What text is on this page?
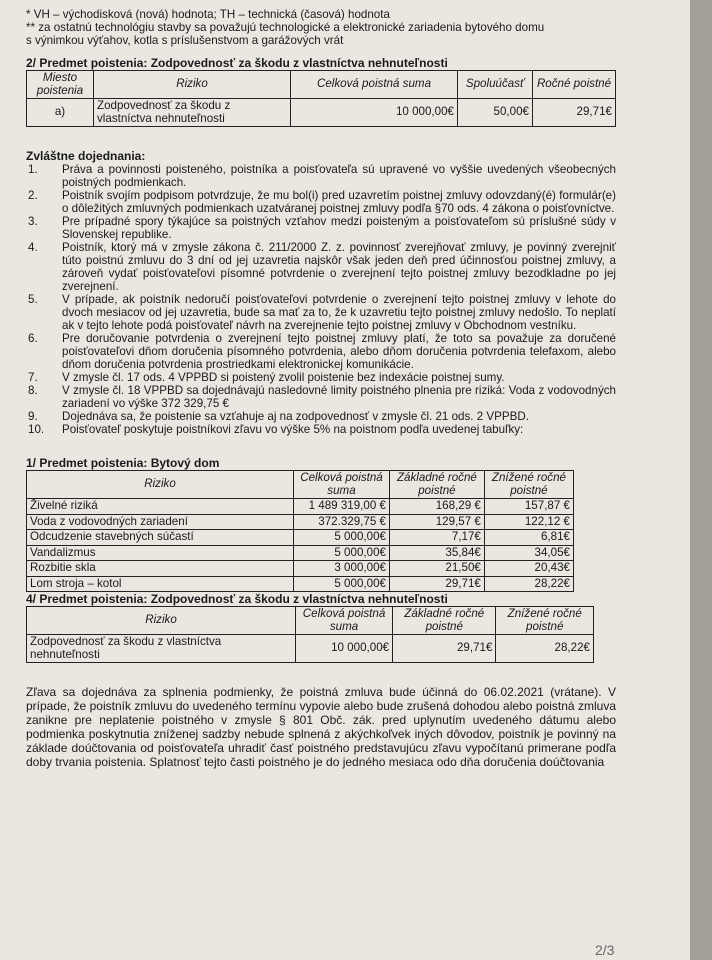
* VH – východisková (nová) hodnota; TH – technická (časová) hodnota

** za ostatnú technológiu stavby sa považujú technologické a elektronické zariadenia bytového domu

s výnimkou výťahov, kotla s príslušenstvom a garážových vrát

2/ Predmet poistenia: Zodpovednosť za škodu z vlastníctva nehnuteľnosti
Miesto poistenia	Riziko	Celková poistná suma	Spoluúčasť	Ročné poistné
a)	Zodpovednosť za škodu z vlastníctva nehnuteľnosti	10 000,00€	50,00€	29,71€
Zvláštne dojednania:
1.	Práva a povinnosti poisteného, poistníka a poisťovateľa sú upravené vo vyššie uvedených všeobecných poistných podmienkach.
2.	Poistník svojím podpisom potvrdzuje, že mu bol(i) pred uzavretím poistnej zmluvy odovzdaný(é) formulár(e) o dôležitých zmluvných podmienkach uzatváranej poistnej zmluvy podľa §70 ods. 4 zákona o poisťovníctve.
3.	Pre prípadné spory týkajúce sa poistných vzťahov medzi poisteným a poisťovateľom sú príslušné súdy v Slovenskej republike.
4.	Poistník, ktorý má v zmysle zákona č. 211/2000 Z. z. povinnosť zverejňovať zmluvy, je povinný zverejniť túto poistnú zmluvu do 3 dní od jej uzavretia najskôr však jeden deň pred účinnosťou poistnej zmluvy, a zároveň vydať poisťovateľovi písomné potvrdenie o zverejnení tejto poistnej zmluvy bezodkladne po jej zverejnení.
5.	V prípade, ak poistník nedoručí poisťovateľovi potvrdenie o zverejnení tejto poistnej zmluvy v lehote do dvoch mesiacov od jej uzavretia, bude sa mať za to, že k uzavretiu tejto poistnej zmluvy nedošlo. To neplatí ak v tejto lehote podá poisťovateľ návrh na zverejnenie tejto poistnej zmluvy v Obchodnom vestníku.
6.	Pre doručovanie potvrdenia o zverejnení tejto poistnej zmluvy platí, že toto sa považuje za doručené poisťovateľovi dňom doručenia písomného potvrdenia, alebo dňom doručenia potvrdenia telefaxom, alebo dňom doručenia potvrdenia prostriedkami elektronickej komunikácie.
7.	V zmysle čl. 17 ods. 4 VPPBD si poistený zvolil poistenie bez indexácie poistnej sumy.
8.	V zmysle čl. 18 VPPBD sa dojednávajú nasledovné limity poistného plnenia pre riziká: Voda z vodovodných zariadení vo výške 372 329,75 €
9.	Dojednáva sa, že poistenie sa vzťahuje aj na zodpovednosť v zmysle čl. 21 ods. 2 VPPBD.
10.	Poisťovateľ poskytuje poistníkovi zľavu vo výške 5% na poistnom podľa uvedenej tabuľky:
1/ Predmet poistenia: Bytový dom
Riziko	Celková poistná suma	Základné ročné poistné	Znížené ročné poistné
Živelné riziká	1 489 319,00 €	168,29 €	157,87 €
Voda z vodovodných zariadení	372.329,75 €	129,57 €	122,12 €
Odcudzenie stavebných súčastí	5 000,00€	7,17€	6,81€
Vandalizmus	5 000,00€	35,84€	34,05€
Rozbitie skla	3 000,00€	21,50€	20,43€
Lom stroja – kotol	5 000,00€	29,71€	28,22€
4/ Predmet poistenia: Zodpovednosť za škodu z vlastníctva nehnuteľnosti
Riziko	Celková poistná suma	Základné ročné poistné	Znížené ročné poistné
Zodpovednosť za škodu z vlastníctva nehnuteľnosti	10 000,00€	29,71€	28,22€

Zľava sa dojednáva za splnenia podmienky, že poistná zmluva bude účinná do 06.02.2021 (vrátane). V prípade, že poistník zmluvu do uvedeného termínu vypovie alebo bude zrušená dohodou alebo poistná zmluva zanikne pre neplatenie poistného v zmysle § 801 Obč. zák. pred uplynutím uvedeného dátumu alebo podmienka poskytnutia zníženej sadzby nebude splnená z akýchkoľvek iných dôvodov, poistník je povinný na základe doúčtovania od poisťovateľa uhradiť časť poistného predstavujúcu zľavu vypočítanú primerane podľa doby trvania poistenia. Splatnosť tejto časti poistného je do jedného mesiaca odo dňa doručenia doúčtovania

2/3
